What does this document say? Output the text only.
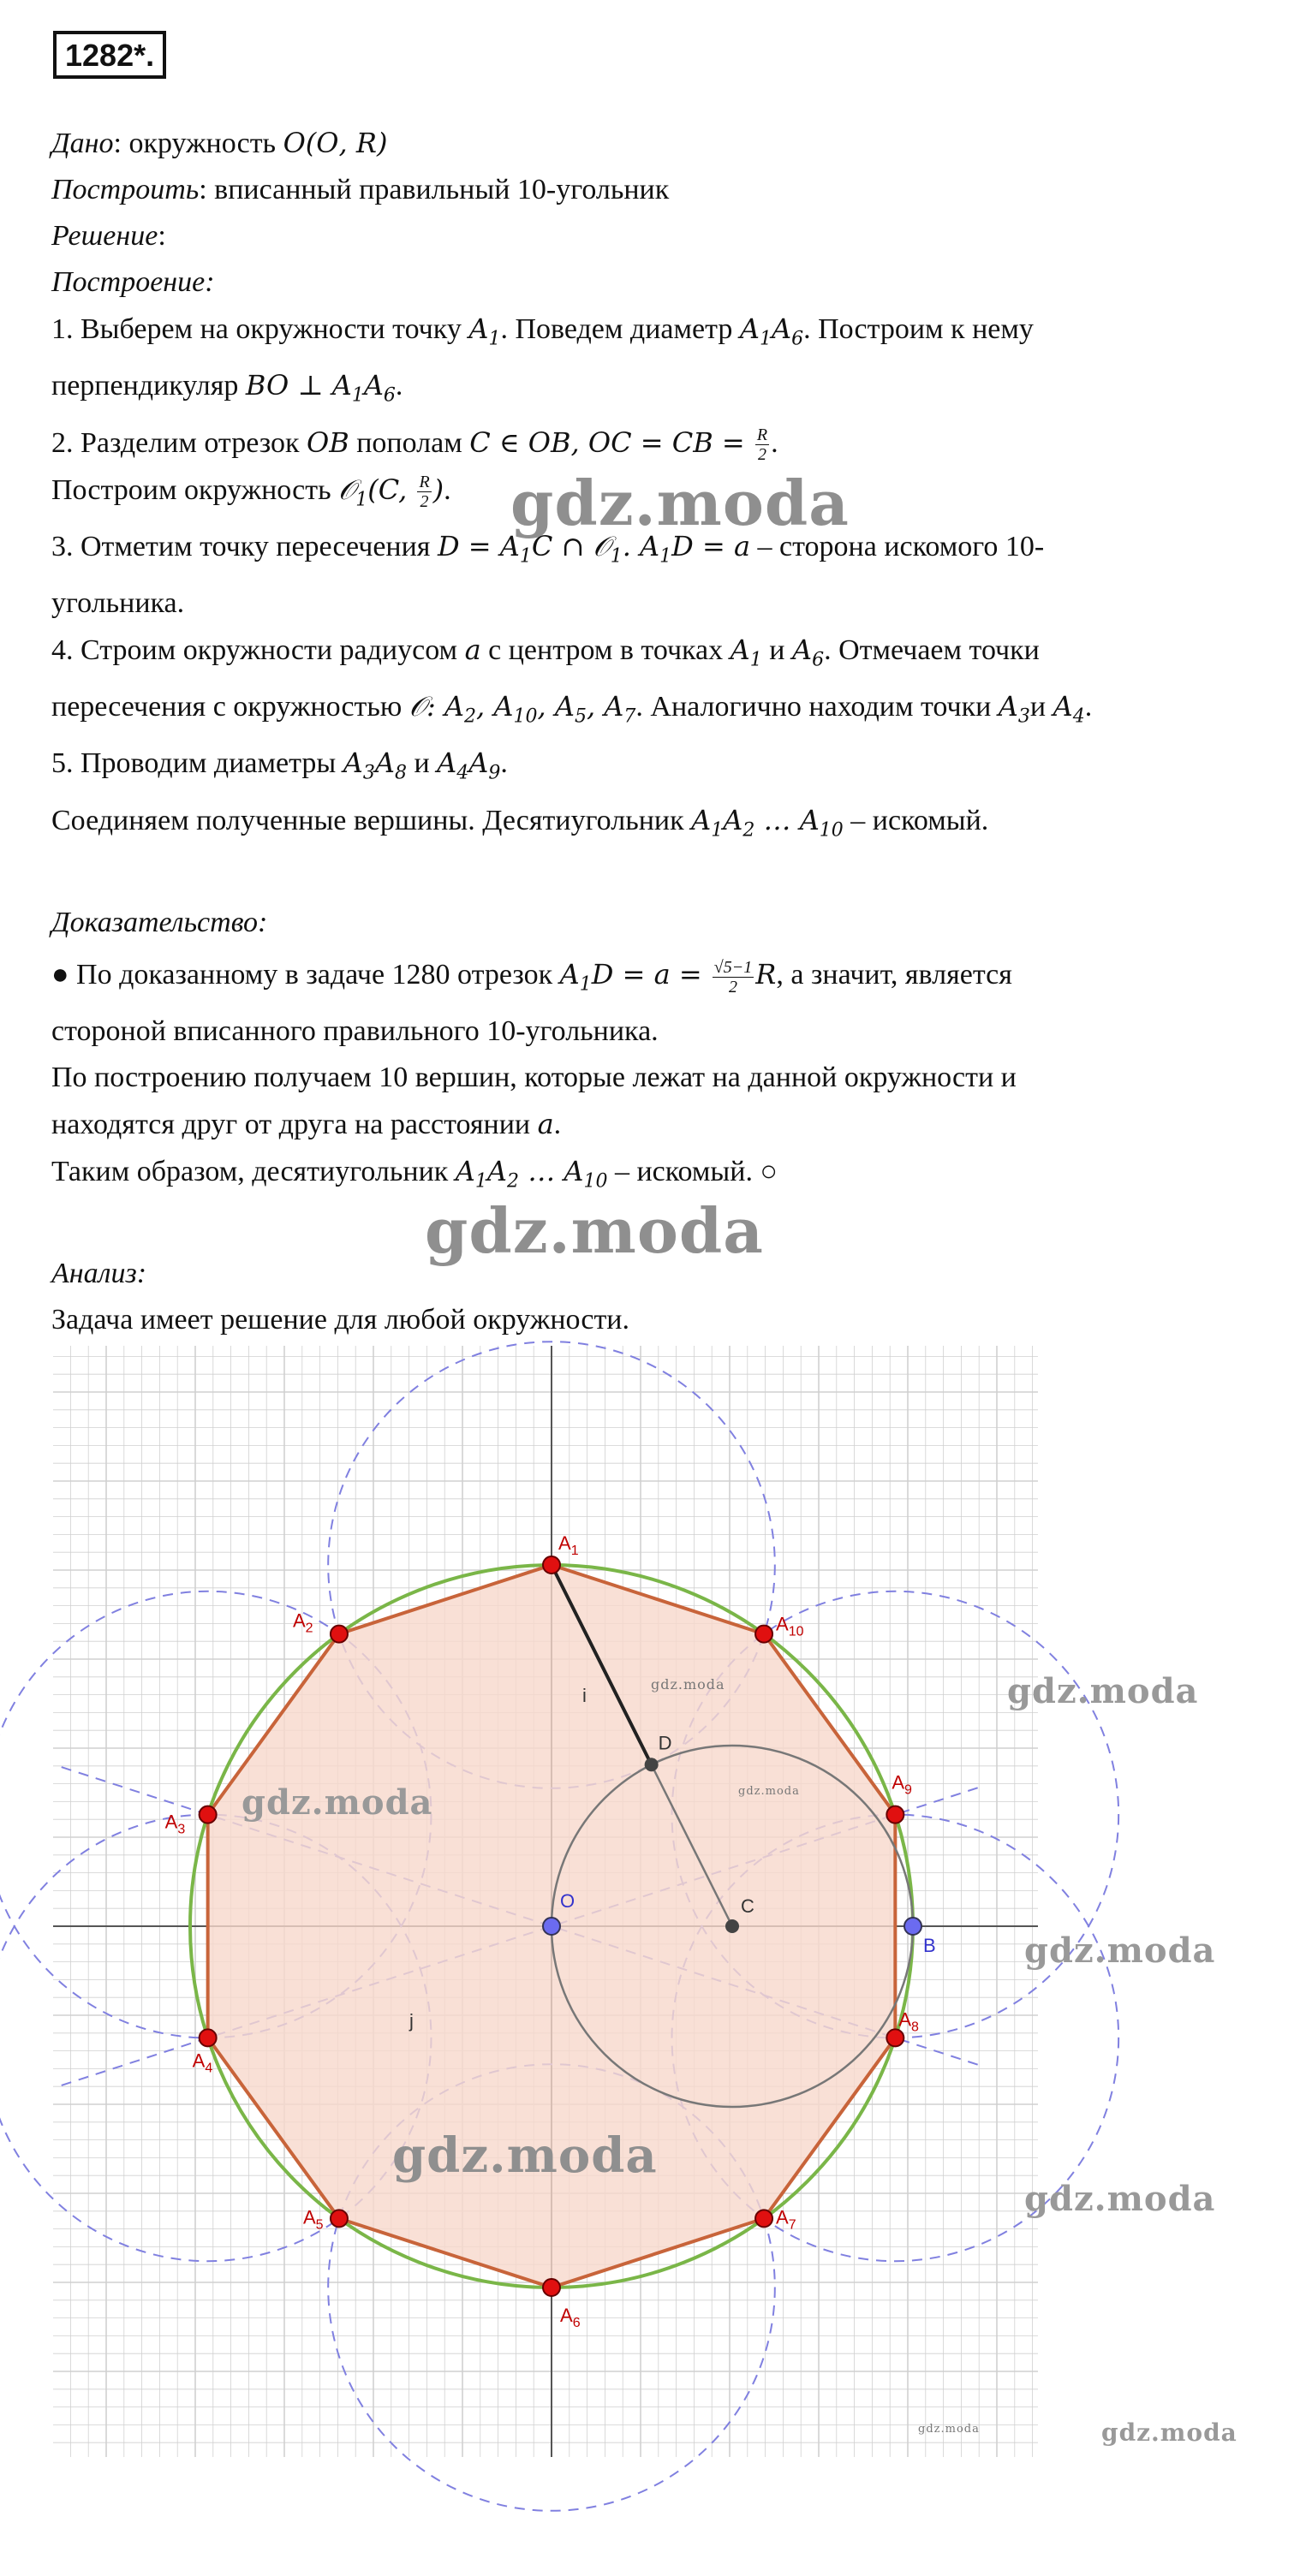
1282*.

Дано: окружность 𝑂(𝑂, 𝑅)

Построить: вписанный правильный 10-угольник

Решение:

Построение:

1. Выберем на окружности точку $A_1$. Поведем диаметр $A_1A_6$. Построим к нему

перпендикуляр BO ⊥ $A_1A_6$.

2. Разделим отрезок OB пополам C ∈ OB, OC = CB = $\frac{R}{2}$ .

Построим окружность 𝒪$_1$(C, $\frac{R}{2}$ ).

3. Отметим точку пересечения $D = A_1C$ ∩ 𝒪$_1$. $A_1D = a$ – сторона искомого 10-

угольника.

4. Строим окружности радиусом a с центром в точках $A_1$ и $A_6$. Отмечаем точки

пересечения с окружностью 𝒪: $A_2$, $A_{10}$, $A_5$, $A_7$. Аналогично находим точки $A_3и$ $A_4$.

5. Проводим диаметры $A_3A_8$ и $A_4A_9$.

Соединяем полученные вершины. Десятиугольник $A_1A_2$ … $A_{10}$ – искомый.

Доказательство:

● По доказанному в задаче 1280 отрезок $A_1D = a = \frac{√5-1}{2} R$, а значит, является

стороной вписанного правильного 10-угольника.

По построению получаем 10 вершин, которые лежат на данной окружности и

находятся друг от друга на расстоянии a.

Таким образом, десятиугольник $A_1A_2$ … $A_{10}$ – искомый. ○

Анализ:

Задача имеет решение для любой окружности.

$A_1$
$A_{10}$
$A_9$
$A_8$
$A_7$
$A_6$
$A_5$
$A_4$
$A_3$
$A_2$
O
B
C
D
i
j
gdz.moda
gdz.moda
gdz.moda
gdz.moda
gdz.moda
gdz.moda
gdz.moda
gdz.moda
gdz.moda
gdz.moda	gdz.moda
